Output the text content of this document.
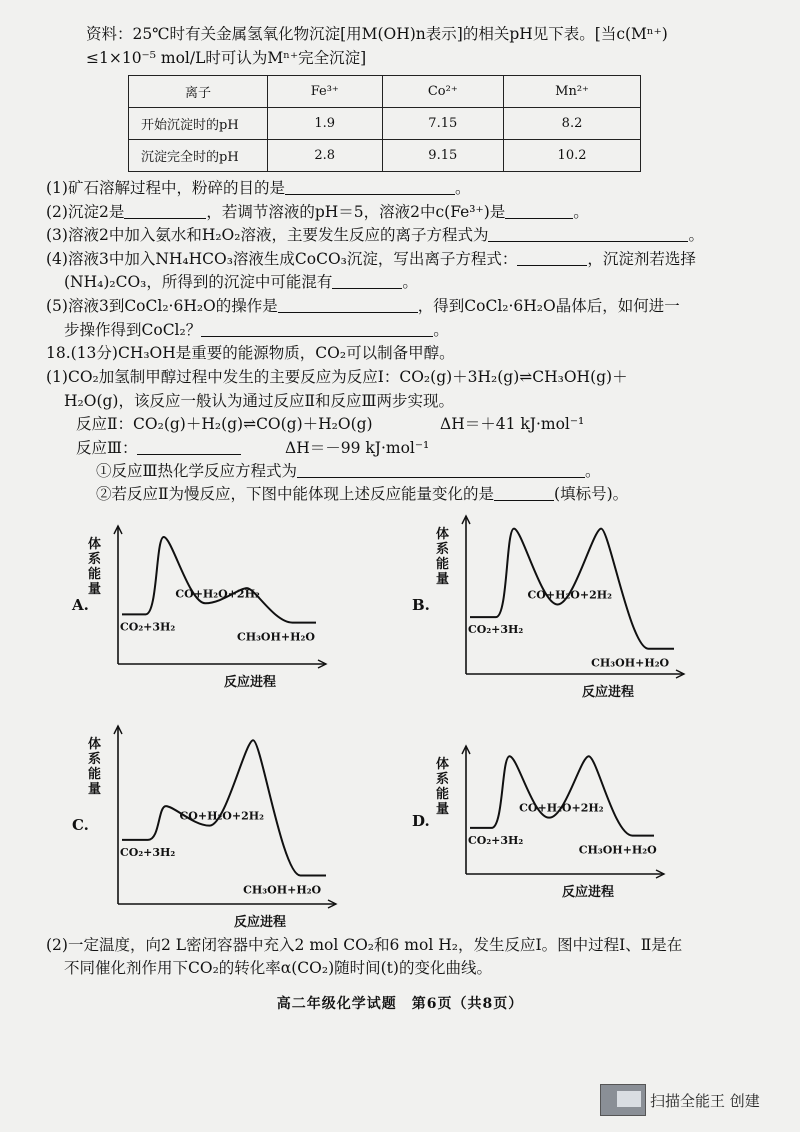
资料：25℃时有关金属氢氧化物沉淀[用M(OH)n表示]的相关pH见下表。[当c(Mⁿ⁺)
≤1×10⁻⁵ mol/L时可认为Mⁿ⁺完全沉淀]
离子	Fe³⁺	Co²⁺	Mn²⁺
开始沉淀时的pH	1.9	7.15	8.2
沉淀完全时的pH	2.8	9.15	10.2
(1)矿石溶解过程中，粉碎的目的是	。
(2)沉淀2是	，若调节溶液的pH＝5，溶液2中c(Fe³⁺)是	。
(3)溶液2中加入氨水和H₂O₂溶液，主要发生反应的离子方程式为	。
(4)溶液3中加入NH₄HCO₃溶液生成CoCO₃沉淀，写出离子方程式：	，沉淀剂若选择
(NH₄)₂CO₃，所得到的沉淀中可能混有	。
(5)溶液3到CoCl₂·6H₂O的操作是	，得到CoCl₂·6H₂O晶体后，如何进一
步操作得到CoCl₂？	。
18.(13分)CH₃OH是重要的能源物质，CO₂可以制备甲醇。
(1)CO₂加氢制甲醇过程中发生的主要反应为反应Ⅰ：CO₂(g)＋3H₂(g)⇌CH₃OH(g)＋
H₂O(g)，该反应一般认为通过反应Ⅱ和反应Ⅲ两步实现。
反应Ⅱ：CO₂(g)＋H₂(g)⇌CO(g)＋H₂O(g)	ΔH＝＋41 kJ·mol⁻¹
反应Ⅲ：	ΔH＝－99 kJ·mol⁻¹
①反应Ⅲ热化学反应方程式为	。
②若反应Ⅱ为慢反应，下图中能体现上述反应能量变化的是	(填标号)。
A.
体
系
能
量
反应进程
CO₂+3H₂
CO+H₂O+2H₂
CH₃OH+H₂O
B.
体
系
能
量
反应进程
CO₂+3H₂
CO+H₂O+2H₂
CH₃OH+H₂O
C.
体
系
能
量
反应进程
CO₂+3H₂
CO+H₂O+2H₂
CH₃OH+H₂O
D.
体
系
能
量
反应进程
CO₂+3H₂
CO+H₂O+2H₂
CH₃OH+H₂O
(2)一定温度，向2 L密闭容器中充入2 mol CO₂和6 mol H₂，发生反应Ⅰ。图中过程Ⅰ、Ⅱ是在
不同催化剂作用下CO₂的转化率α(CO₂)随时间(t)的变化曲线。
高二年级化学试题　第6页（共8页）
扫描全能王 创建
